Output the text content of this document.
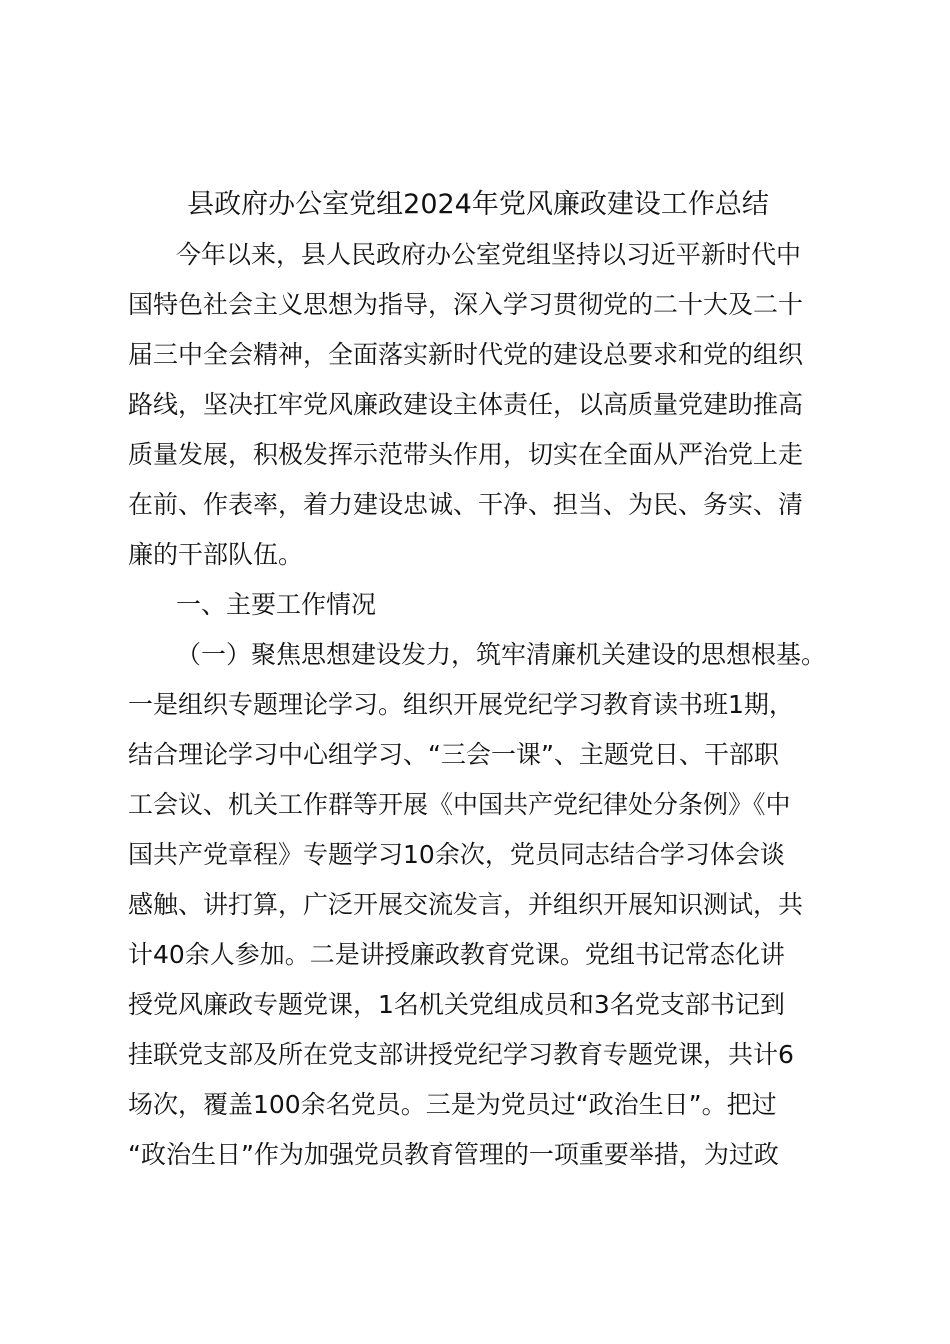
县政府办公室党组2024年党风廉政建设工作总结
今年以来，县人民政府办公室党组坚持以习近平新时代中
国特色社会主义思想为指导，深入学习贯彻党的二十大及二十
届三中全会精神，全面落实新时代党的建设总要求和党的组织
路线，坚决扛牢党风廉政建设主体责任，以高质量党建助推高
质量发展，积极发挥示范带头作用，切实在全面从严治党上走
在前、作表率，着力建设忠诚、干净、担当、为民、务实、清
廉的干部队伍。
一、主要工作情况
（一）聚焦思想建设发力，筑牢清廉机关建设的思想根基。
一是组织专题理论学习。组织开展党纪学习教育读书班1期，
结合理论学习中心组学习、“三会一课”、主题党日、干部职
工会议、机关工作群等开展《中国共产党纪律处分条例》《中
国共产党章程》专题学习10余次，党员同志结合学习体会谈
感触、讲打算，广泛开展交流发言，并组织开展知识测试，共
计40余人参加。二是讲授廉政教育党课。党组书记常态化讲
授党风廉政专题党课，1名机关党组成员和3名党支部书记到
挂联党支部及所在党支部讲授党纪学习教育专题党课，共计6
场次，覆盖100余名党员。三是为党员过“政治生日”。把过
“政治生日”作为加强党员教育管理的一项重要举措，为过政
